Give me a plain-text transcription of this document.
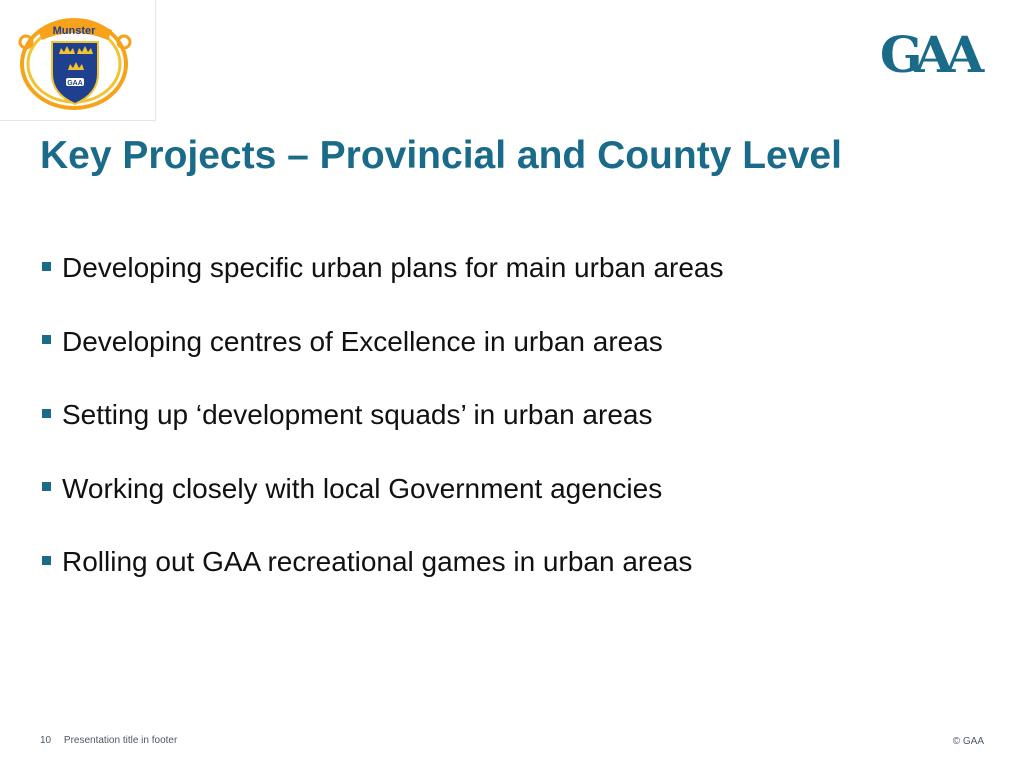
Munster
GAA	GAA
Key Projects – Provincial and County Level
Developing specific urban plans for main urban areas
Developing centres of Excellence in urban areas
Setting up ‘development squads’ in urban areas
Working closely with local Government agencies
Rolling out GAA recreational games in urban areas
10 Presentation title in footer	© GAA
